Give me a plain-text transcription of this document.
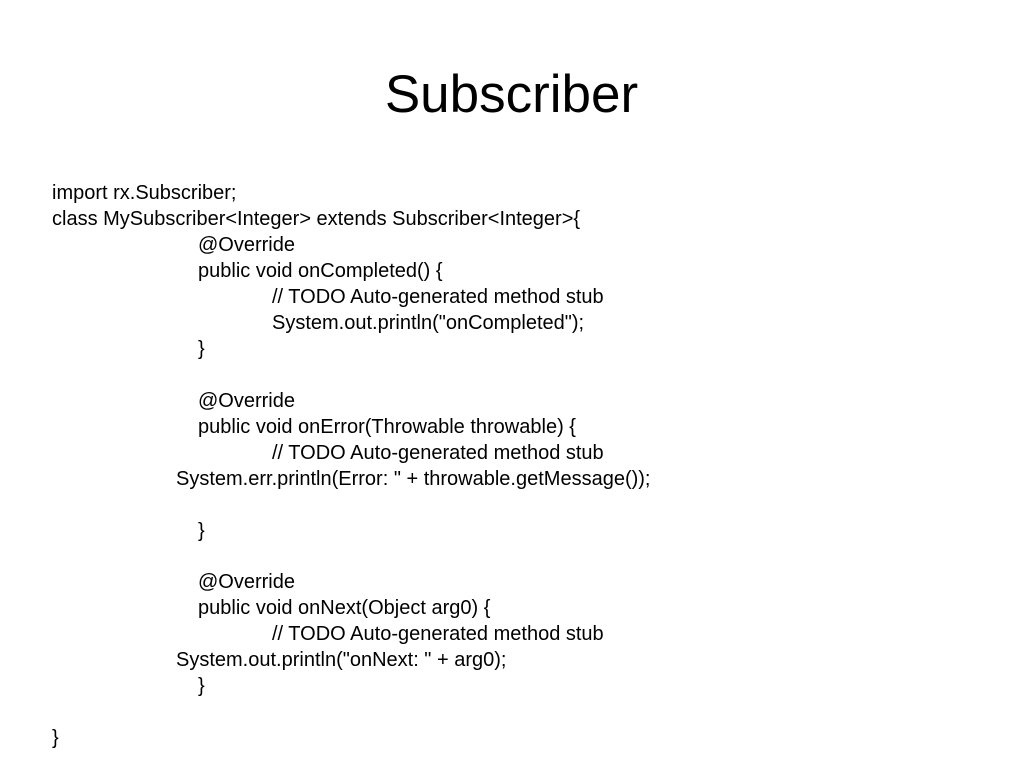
Subscriber
import rx.Subscriber;
class MySubscriber<Integer> extends Subscriber<Integer>{
@Override
public void onCompleted() {
// TODO Auto-generated method stub
System.out.println("onCompleted");
}
@Override
public void onError(Throwable throwable) {
// TODO Auto-generated method stub
System.err.println(Error: " + throwable.getMessage());
}
@Override
public void onNext(Object arg0) {
// TODO Auto-generated method stub
System.out.println("onNext: " + arg0);
}
}
